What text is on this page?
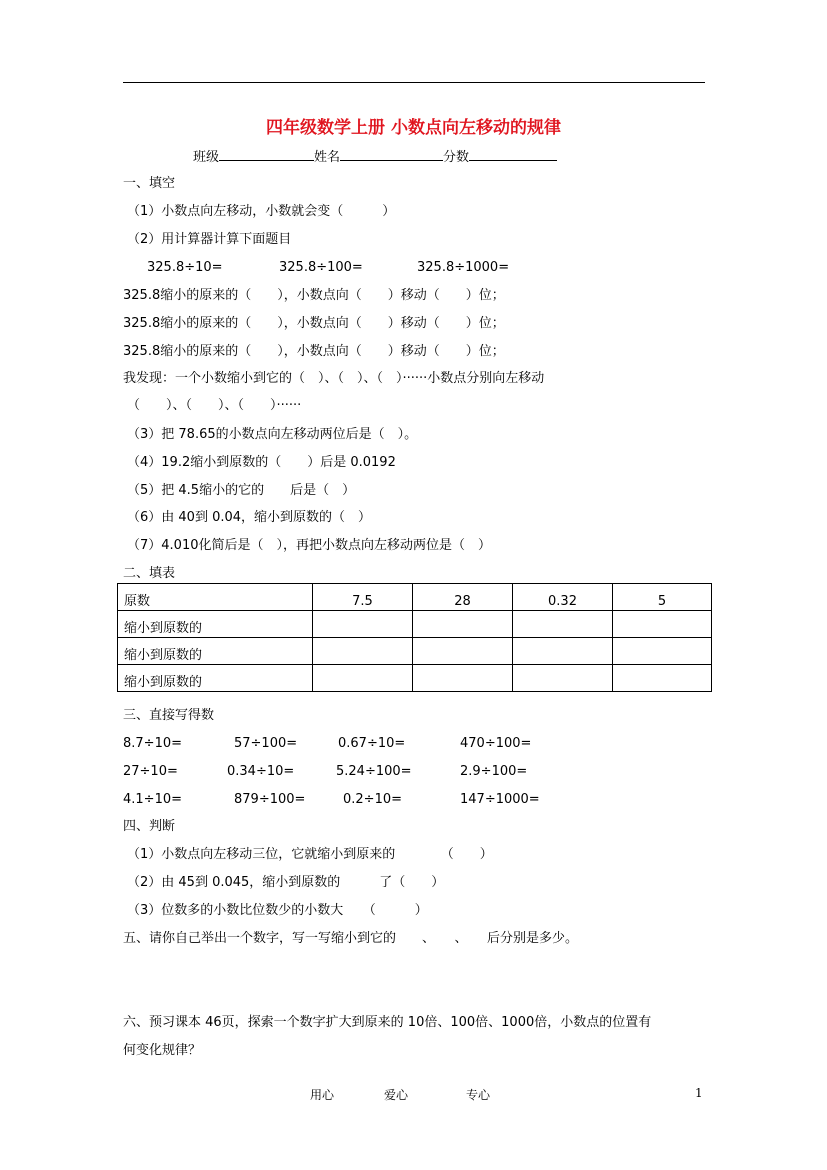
四年级数学上册 小数点向左移动的规律
班级	姓名	分数
一、填空
（1）小数点向左移动，小数就会变（　　　）
（2）用计算器计算下面题目
325.8÷10=	325.8÷100=	325.8÷1000=
325.8缩小的原来的（　　），小数点向（　　）移动（　　）位；
325.8缩小的原来的（　　），小数点向（　　）移动（　　）位；
325.8缩小的原来的（　　），小数点向（　　）移动（　　）位；
我发现：一个小数缩小到它的（　）、（　）、（　）······小数点分别向左移动
（　　）、（　　）、（　　）······
（3）把 78.65的小数点向左移动两位后是（　）。
（4）19.2缩小到原数的（　　）后是 0.0192
（5）把 4.5缩小的它的　　后是（　）
（6）由 40到 0.04，缩小到原数的（　）
（7）4.010化简后是（　），再把小数点向左移动两位是（　）
二、填表
原数	7.5	28	0.32	5
缩小到原数的				
缩小到原数的				
缩小到原数的				
三、直接写得数
8.7÷10=	57÷100=	0.67÷10=	470÷100=
27÷10=	0.34÷10=	5.24÷100=	2.9÷100=
4.1÷10=	879÷100=	0.2÷10=	147÷1000=
四、判断
（1）小数点向左移动三位，它就缩小到原来的　　　　（　　）
（2）由 45到 0.045，缩小到原数的　　　了（　　）
（3）位数多的小数比位数少的小数大　　（　　　）
五、请你自己举出一个数字，写一写缩小到它的　　、　　、　　后分别是多少。
六、预习课本 46页，探索一个数字扩大到原来的 10倍、100倍、1000倍，小数点的位置有
何变化规律？
用心	爱心	专心	1
